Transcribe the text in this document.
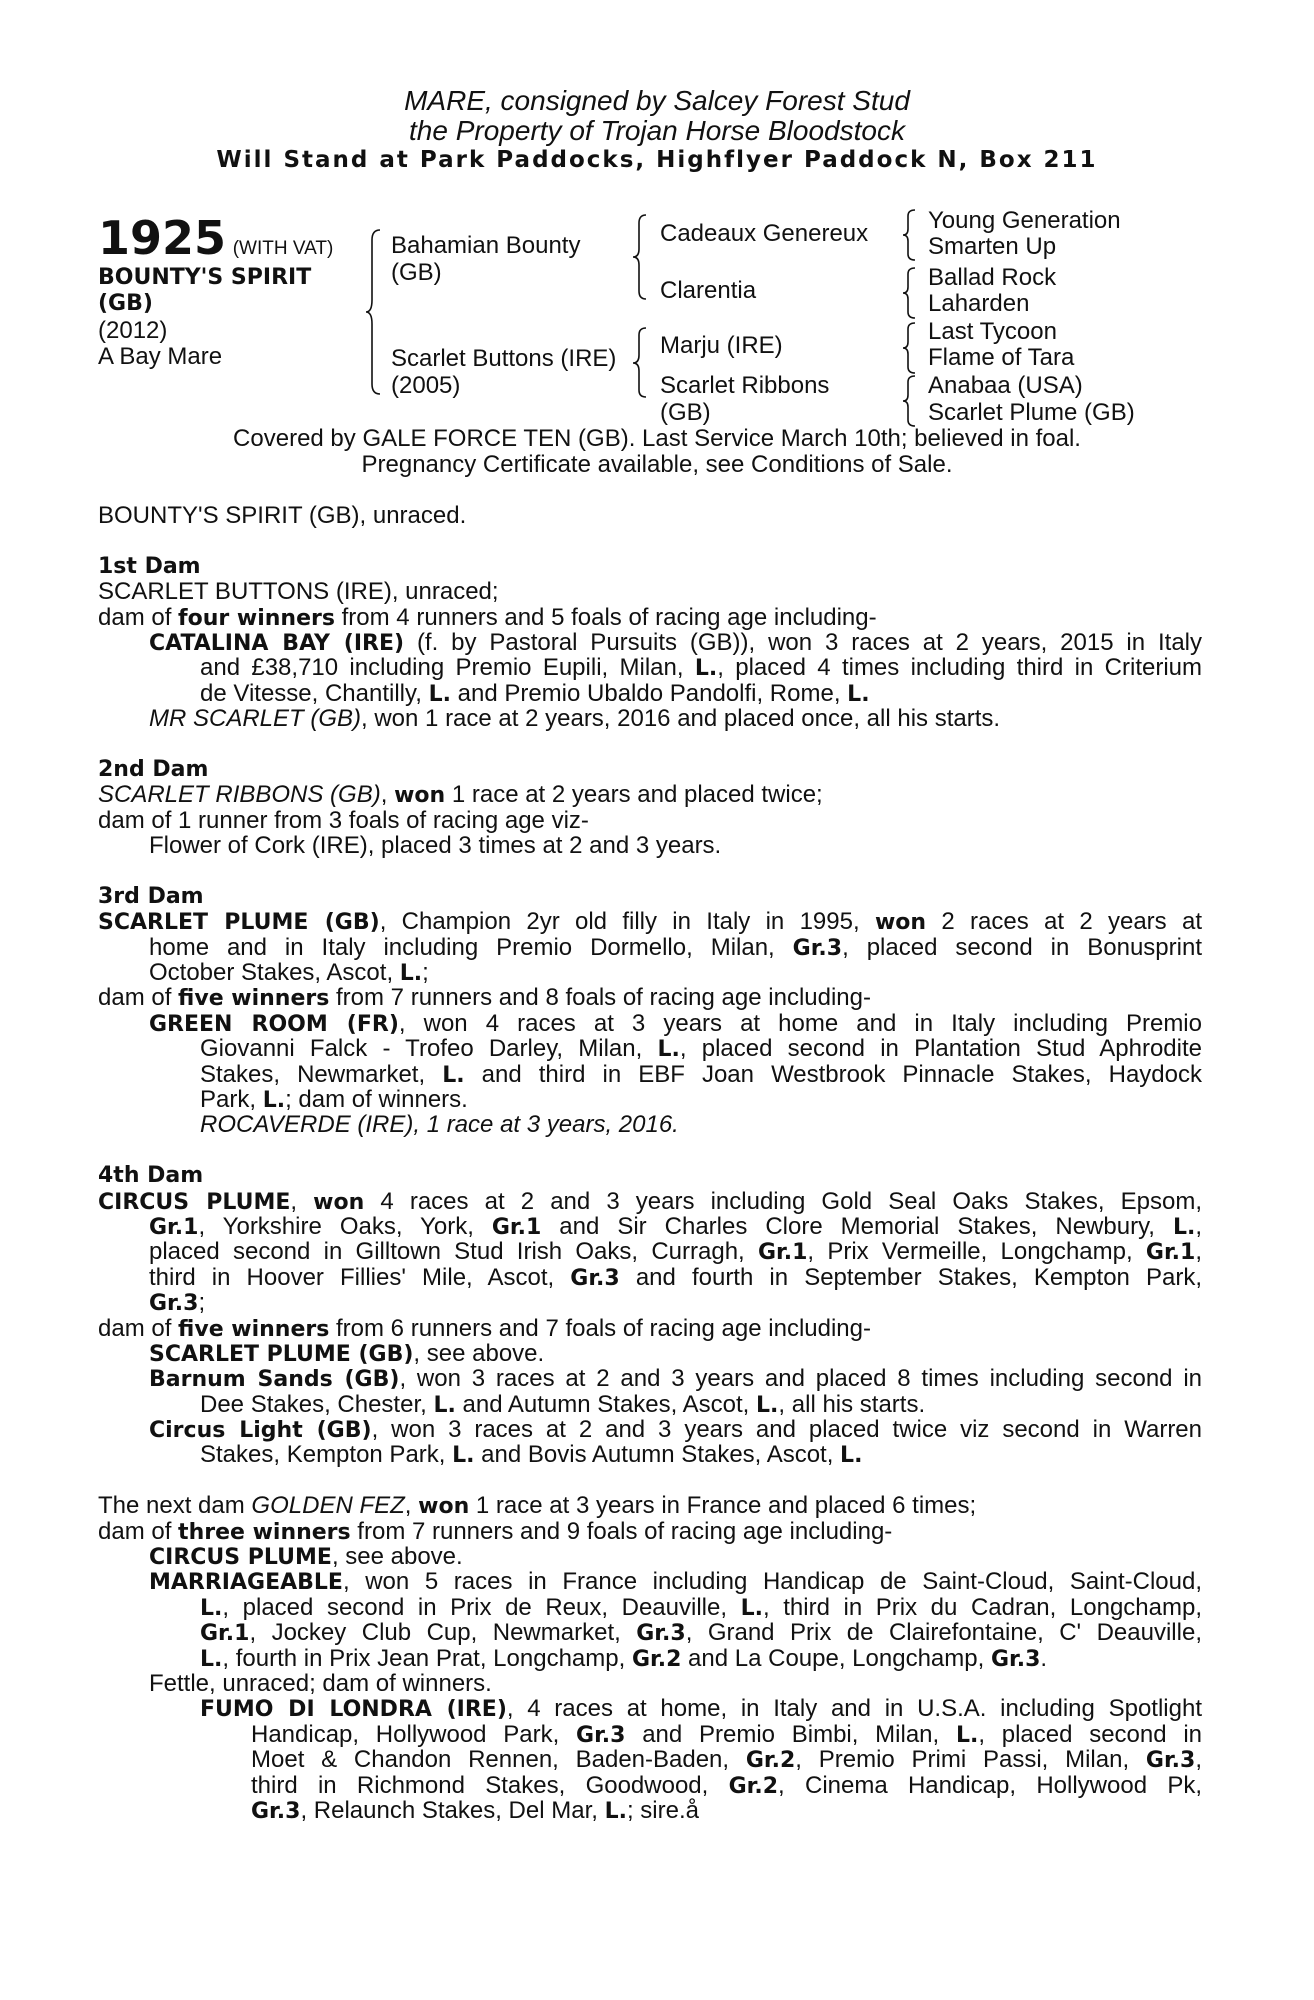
MARE, consigned by Salcey Forest Stud
the Property of Trojan Horse Bloodstock
Will Stand at Park Paddocks, Highflyer Paddock N, Box 211
1925 (WITH VAT)
BOUNTY'S SPIRIT
(GB)
(2012)
A Bay Mare
Bahamian Bounty
(GB)
Scarlet Buttons (IRE)
(2005)
Cadeaux Genereux
Clarentia
Marju (IRE)
Scarlet Ribbons
(GB)
Young Generation
Smarten Up
Ballad Rock
Laharden
Last Tycoon
Flame of Tara
Anabaa (USA)
Scarlet Plume (GB)
Covered by GALE FORCE TEN (GB). Last Service March 10th; believed in foal.
Pregnancy Certificate available, see Conditions of Sale.
BOUNTY'S SPIRIT (GB), unraced.
1st Dam
SCARLET BUTTONS (IRE), unraced;
dam of four winners from 4 runners and 5 foals of racing age including-
CATALINA BAY (IRE) (f. by Pastoral Pursuits (GB)), won 3 races at 2 years, 2015 in Italy
and £38,710 including Premio Eupili, Milan, L., placed 4 times including third in Criterium
de Vitesse, Chantilly, L. and Premio Ubaldo Pandolfi, Rome, L.
MR SCARLET (GB), won 1 race at 2 years, 2016 and placed once, all his starts.
2nd Dam
SCARLET RIBBONS (GB), won 1 race at 2 years and placed twice;
dam of 1 runner from 3 foals of racing age viz-
Flower of Cork (IRE), placed 3 times at 2 and 3 years.
3rd Dam
SCARLET PLUME (GB), Champion 2yr old filly in Italy in 1995, won 2 races at 2 years at
home and in Italy including Premio Dormello, Milan, Gr.3, placed second in Bonusprint
October Stakes, Ascot, L.;
dam of five winners from 7 runners and 8 foals of racing age including-
GREEN ROOM (FR), won 4 races at 3 years at home and in Italy including Premio
Giovanni Falck - Trofeo Darley, Milan, L., placed second in Plantation Stud Aphrodite
Stakes, Newmarket, L. and third in EBF Joan Westbrook Pinnacle Stakes, Haydock
Park, L.; dam of winners.
ROCAVERDE (IRE), 1 race at 3 years, 2016.
4th Dam
CIRCUS PLUME, won 4 races at 2 and 3 years including Gold Seal Oaks Stakes, Epsom,
Gr.1, Yorkshire Oaks, York, Gr.1 and Sir Charles Clore Memorial Stakes, Newbury, L.,
placed second in Gilltown Stud Irish Oaks, Curragh, Gr.1, Prix Vermeille, Longchamp, Gr.1,
third in Hoover Fillies' Mile, Ascot, Gr.3 and fourth in September Stakes, Kempton Park,
Gr.3;
dam of five winners from 6 runners and 7 foals of racing age including-
SCARLET PLUME (GB), see above.
Barnum Sands (GB), won 3 races at 2 and 3 years and placed 8 times including second in
Dee Stakes, Chester, L. and Autumn Stakes, Ascot, L., all his starts.
Circus Light (GB), won 3 races at 2 and 3 years and placed twice viz second in Warren
Stakes, Kempton Park, L. and Bovis Autumn Stakes, Ascot, L.
The next dam GOLDEN FEZ, won 1 race at 3 years in France and placed 6 times;
dam of three winners from 7 runners and 9 foals of racing age including-
CIRCUS PLUME, see above.
MARRIAGEABLE, won 5 races in France including Handicap de Saint-Cloud, Saint-Cloud,
L., placed second in Prix de Reux, Deauville, L., third in Prix du Cadran, Longchamp,
Gr.1, Jockey Club Cup, Newmarket, Gr.3, Grand Prix de Clairefontaine, C' Deauville,
L., fourth in Prix Jean Prat, Longchamp, Gr.2 and La Coupe, Longchamp, Gr.3.
Fettle, unraced; dam of winners.
FUMO DI LONDRA (IRE), 4 races at home, in Italy and in U.S.A. including Spotlight
Handicap, Hollywood Park, Gr.3 and Premio Bimbi, Milan, L., placed second in
Moet & Chandon Rennen, Baden-Baden, Gr.2, Premio Primi Passi, Milan, Gr.3,
third in Richmond Stakes, Goodwood, Gr.2, Cinema Handicap, Hollywood Pk,
Gr.3, Relaunch Stakes, Del Mar, L.; sire.å
